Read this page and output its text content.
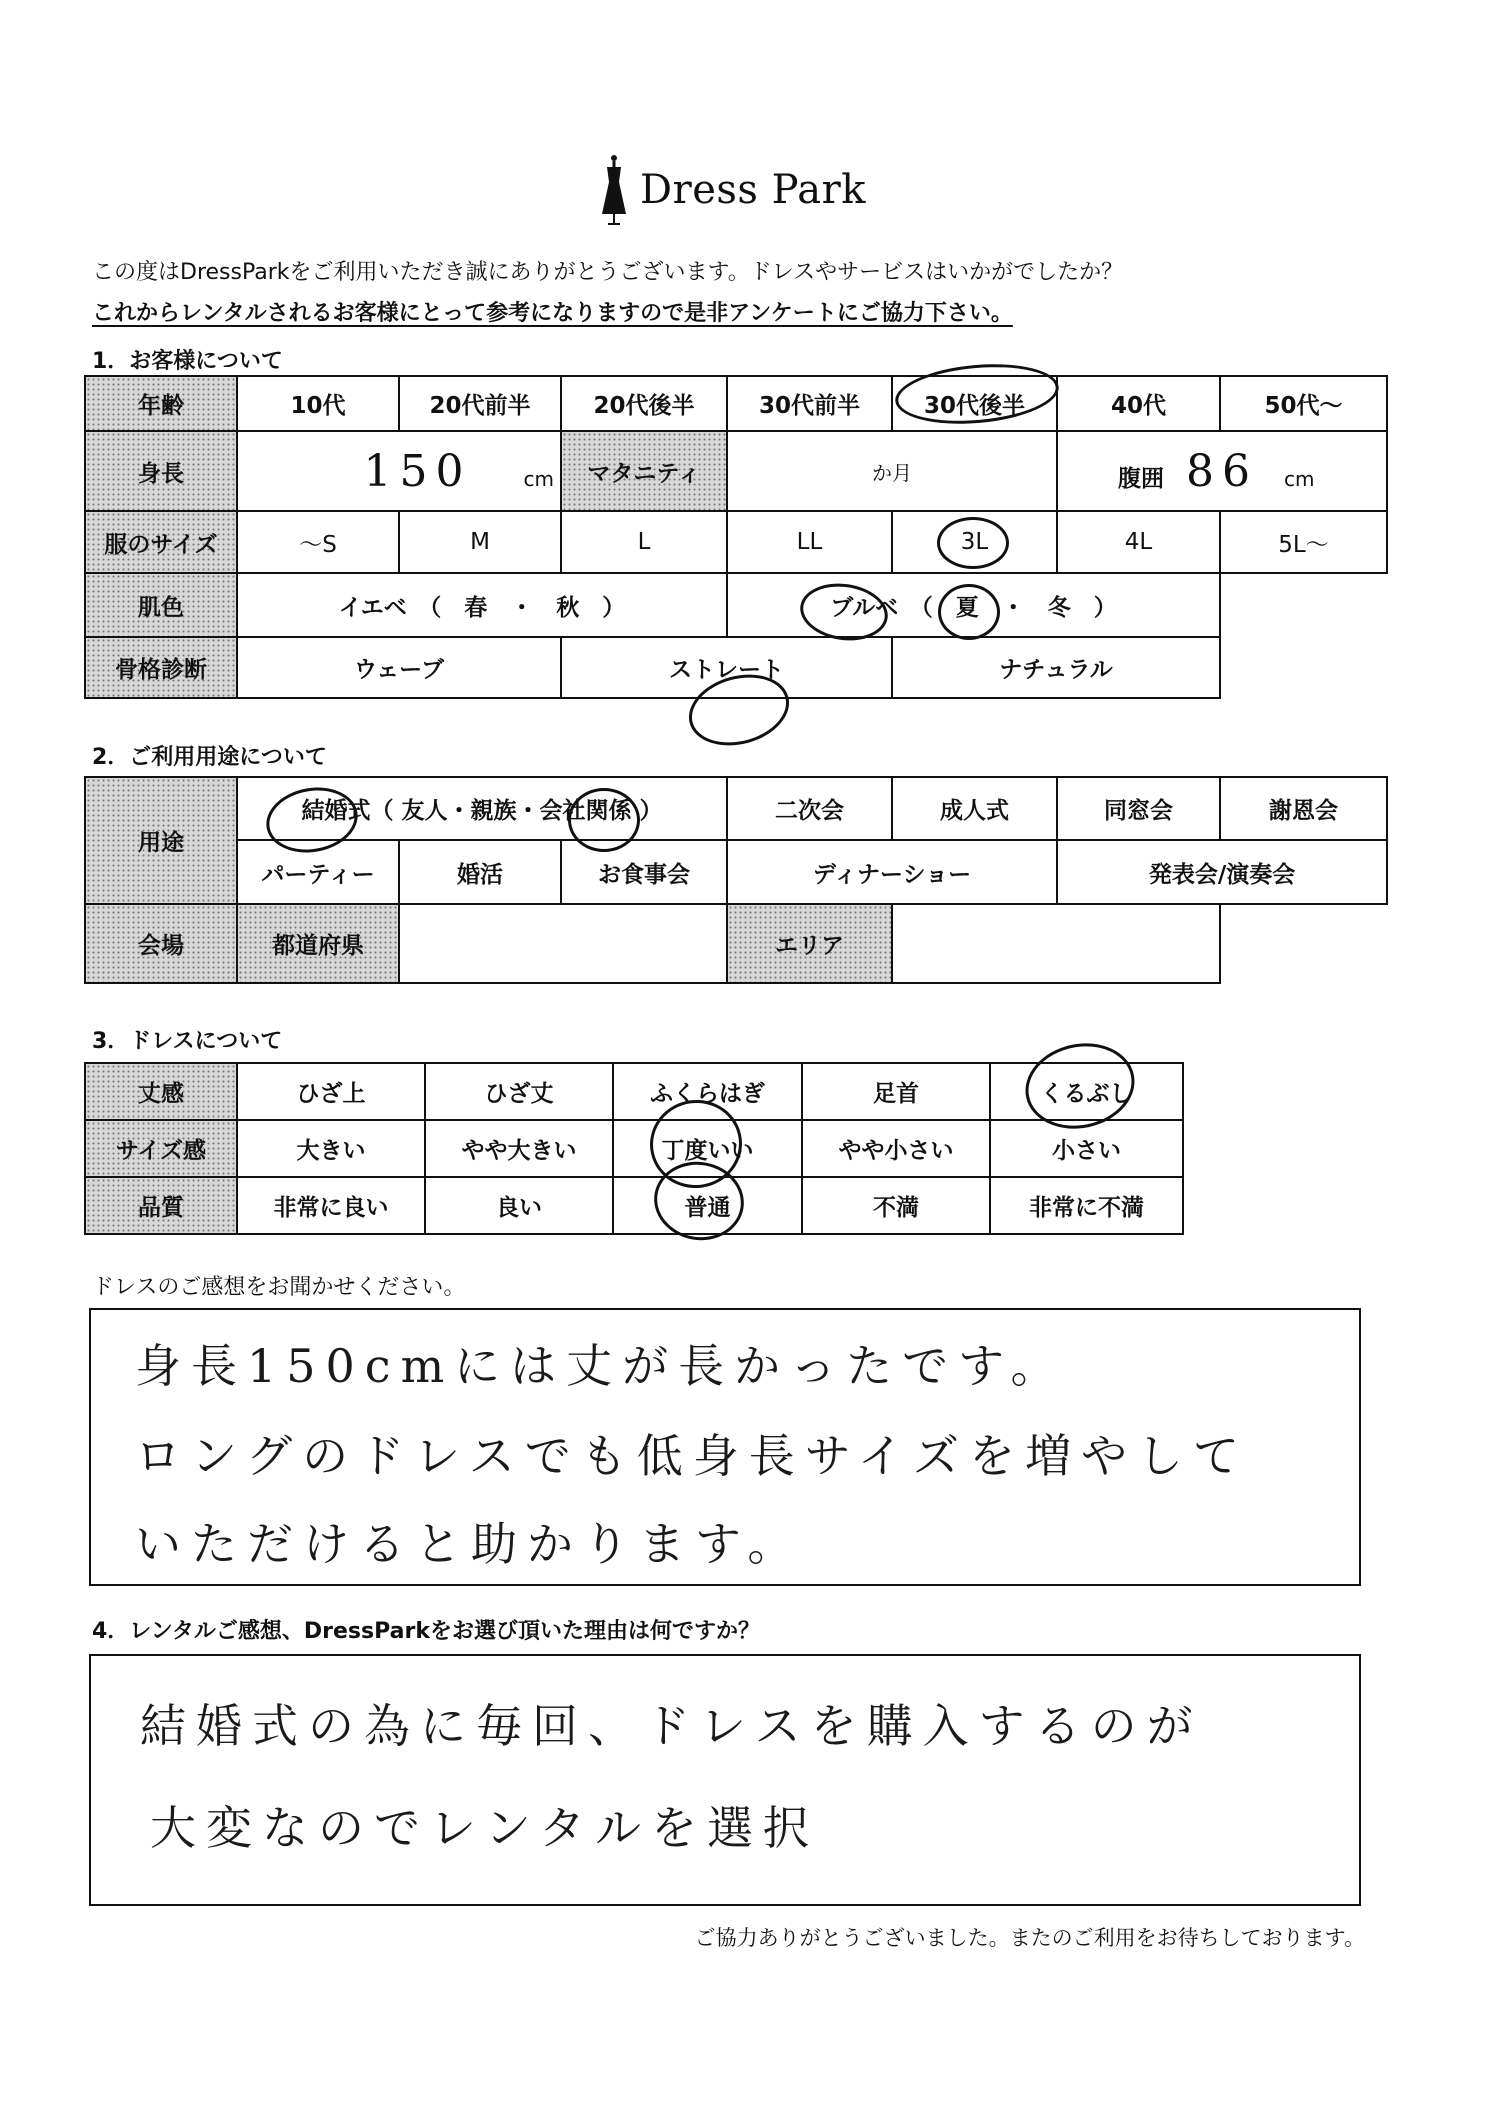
Dress Park
この度はDressParkをご利用いただき誠にありがとうございます。ドレスやサービスはいかがでしたか？
これからレンタルされるお客様にとって参考になりますので是非アンケートにご協力下さい。
1．お客様について
年齢	10代	20代前半	20代後半	30代前半	30代後半	40代	50代～
身長	150 cm		マタニティ	か月		腹囲 86 cm	
服のサイズ	～S	M	L	LL	3L	4L	5L～
肌色	イエベ　（　春　・　秋　）			ブルベ　（　夏　・　冬　）			
骨格診断	ウェーブ		ストレート		ナチュラル		
2．ご利用用途について
用途	結婚式（ 友人・親族・会社関係 ）			二次会	成人式	同窓会	謝恩会
	パーティー	婚活	お食事会	ディナーショー		発表会/演奏会	
会場	都道府県			エリア			
3．ドレスについて
丈感	ひざ上	ひざ丈	ふくらはぎ	足首	くるぶし
サイズ感	大きい	やや大きい	丁度いい	やや小さい	小さい
品質	非常に良い	良い	普通	不満	非常に不満
ドレスのご感想をお聞かせください。
身長150cmには丈が長かったです。
ロングのドレスでも低身長サイズを増やして
いただけると助かります。
4．レンタルご感想、DressParkをお選び頂いた理由は何ですか？
結婚式の為に毎回、ドレスを購入するのが
大変なのでレンタルを選択
ご協力ありがとうございました。またのご利用をお待ちしております。
